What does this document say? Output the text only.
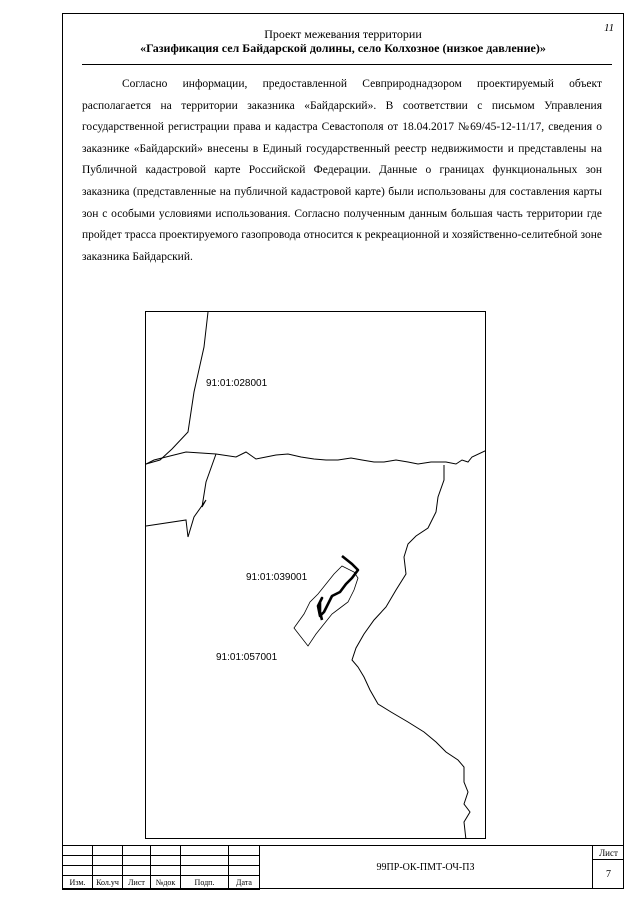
11
Проект межевания территории
«Газификация сел Байдарской долины, село Колхозное (низкое давление)»

Согласно информации, предоставленной Севприроднадзором проектируемый объект располагается на территории заказника «Байдарский». В соответствии с письмом Управления государственной регистрации права и кадастра Севастополя от 18.04.2017 №69/45-12-11/17, сведения о заказнике «Байдарский» внесены в Единый государственный реестр недвижимости и представлены на Публичной кадастровой карте Российской Федерации. Данные о границах функциональных зон заказника (представленные на публичной кадастровой карте) были использованы для составления карты зон с особыми условиями использования. Согласно полученным данным большая часть территории где пройдет трасса проектируемого газопровода относится к рекреационной и хозяйственно-селитебной зоне заказника Байдарский.

91:01:028001
91:01:039001
91:01:057001

Изм.	Кол.уч	Лист	№док	Подп.	Дата
99ПР-ОК-ПМТ-ОЧ-ПЗ
Лист
7
